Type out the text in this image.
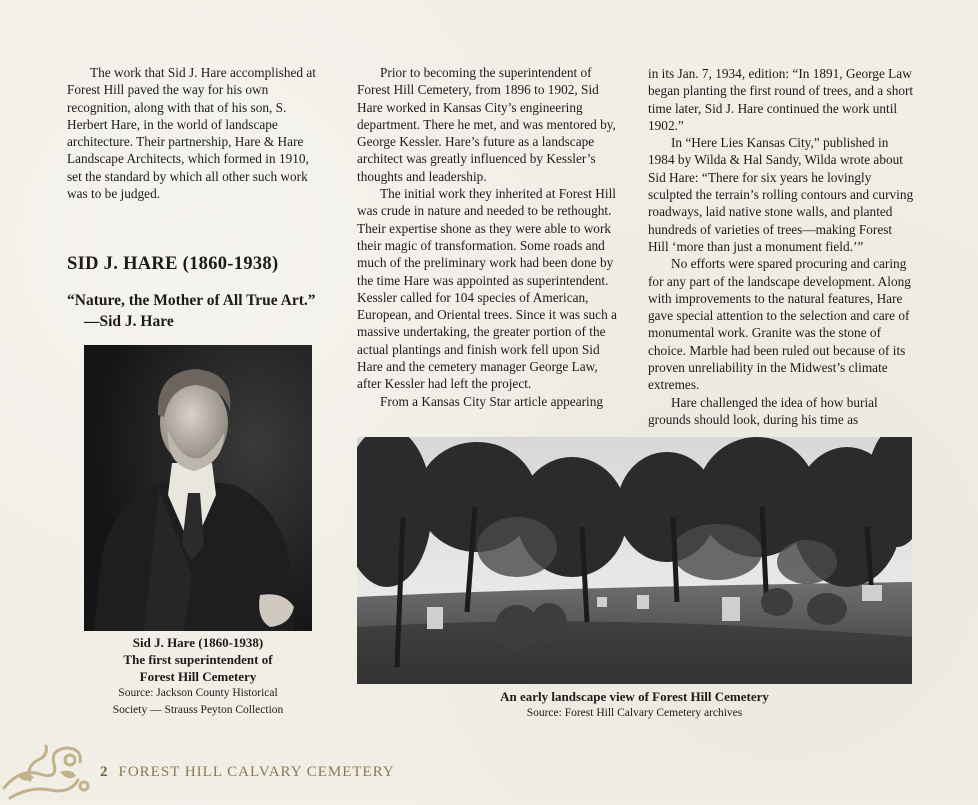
The work that Sid J. Hare accomplished at Forest Hill paved the way for his own recognition, along with that of his son, S. Herbert Hare, in the world of landscape architecture. Their partnership, Hare & Hare Landscape Architects, which formed in 1910, set the standard by which all other such work was to be judged.

SID J. HARE (1860-1938)
“Nature, the Mother of All True Art.”
—Sid J. Hare
Sid J. Hare (1860-1938)
The first superintendent of
Forest Hill Cemetery
Source: Jackson County Historical
Society — Strauss Peyton Collection

Prior to becoming the superintendent of Forest Hill Cemetery, from 1896 to 1902, Sid Hare worked in Kansas City’s engineering department. There he met, and was mentored by, George Kessler. Hare’s future as a landscape architect was greatly influenced by Kessler’s thoughts and leadership.

The initial work they inherited at Forest Hill was crude in nature and needed to be rethought. Their expertise shone as they were able to work their magic of transformation. Some roads and much of the preliminary work had been done by the time Hare was appointed as superintendent. Kessler called for 104 species of American, European, and Oriental trees. Since it was such a massive undertaking, the greater portion of the actual plantings and finish work fell upon Sid Hare and the cemetery manager George Law, after Kessler had left the project.

From a Kansas City Star article appearing

in its Jan. 7, 1934, edition: “In 1891, George Law began planting the first round of trees, and a short time later, Sid J. Hare continued the work until 1902.”

In “Here Lies Kansas City,” published in 1984 by Wilda & Hal Sandy, Wilda wrote about Sid Hare: “There for six years he lovingly sculpted the terrain’s rolling contours and curving roadways, laid native stone walls, and planted hundreds of varieties of trees—making Forest Hill ‘more than just a monument field.’”

No efforts were spared procuring and caring for any part of the landscape development. Along with improvements to the natural features, Hare gave special attention to the selection and care of monumental work. Granite was the stone of choice. Marble had been ruled out because of its proven unreliability in the Midwest’s climate extremes.

Hare challenged the idea of how burial grounds should look, during his time as

An early landscape view of Forest Hill Cemetery
Source: Forest Hill Calvary Cemetery archives
2 FOREST HILL CALVARY CEMETERY
